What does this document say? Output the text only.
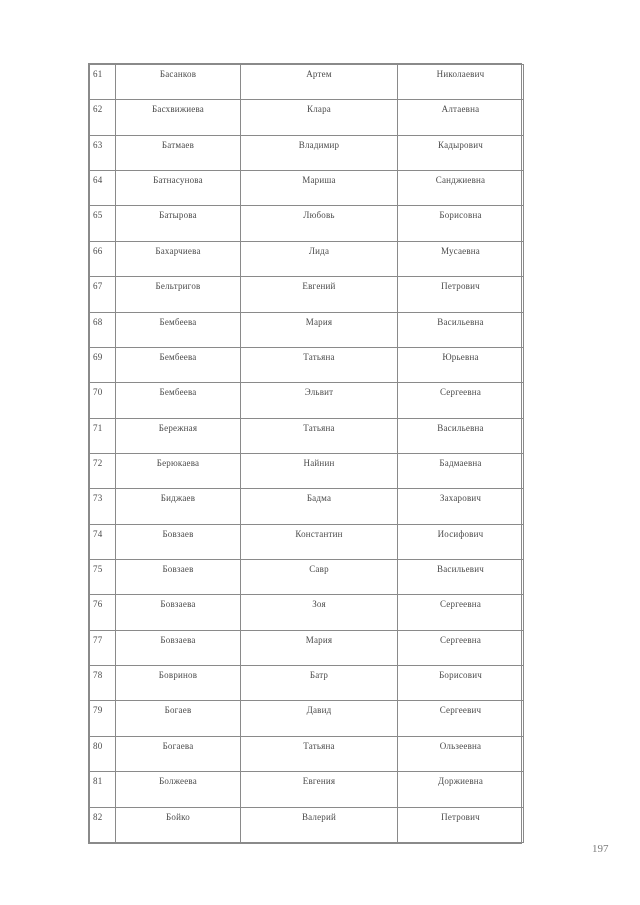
61	Басанков	Артем	Николаевич
62	Басхвижиева	Клара	Алтаевна
63	Батмаев	Владимир	Кадырович
64	Батнасунова	Мариша	Санджиевна
65	Батырова	Любовь	Борисовна
66	Бахарчиева	Лида	Мусаевна
67	Бельтригов	Евгений	Петрович
68	Бембеева	Мария	Васильевна
69	Бембеева	Татьяна	Юрьевна
70	Бембеева	Эльвит	Сергеевна
71	Бережная	Татьяна	Васильевна
72	Берюкаева	Найнин	Бадмаевна
73	Биджаев	Бадма	Захарович
74	Бовзаев	Константин	Иосифович
75	Бовзаев	Савр	Васильевич
76	Бовзаева	Зоя	Сергеевна
77	Бовзаева	Мария	Сергеевна
78	Бовринов	Батр	Борисович
79	Богаев	Давид	Сергеевич
80	Богаева	Татьяна	Ользеевна
81	Болжеева	Евгения	Доржиевна
82	Бойко	Валерий	Петрович
197
